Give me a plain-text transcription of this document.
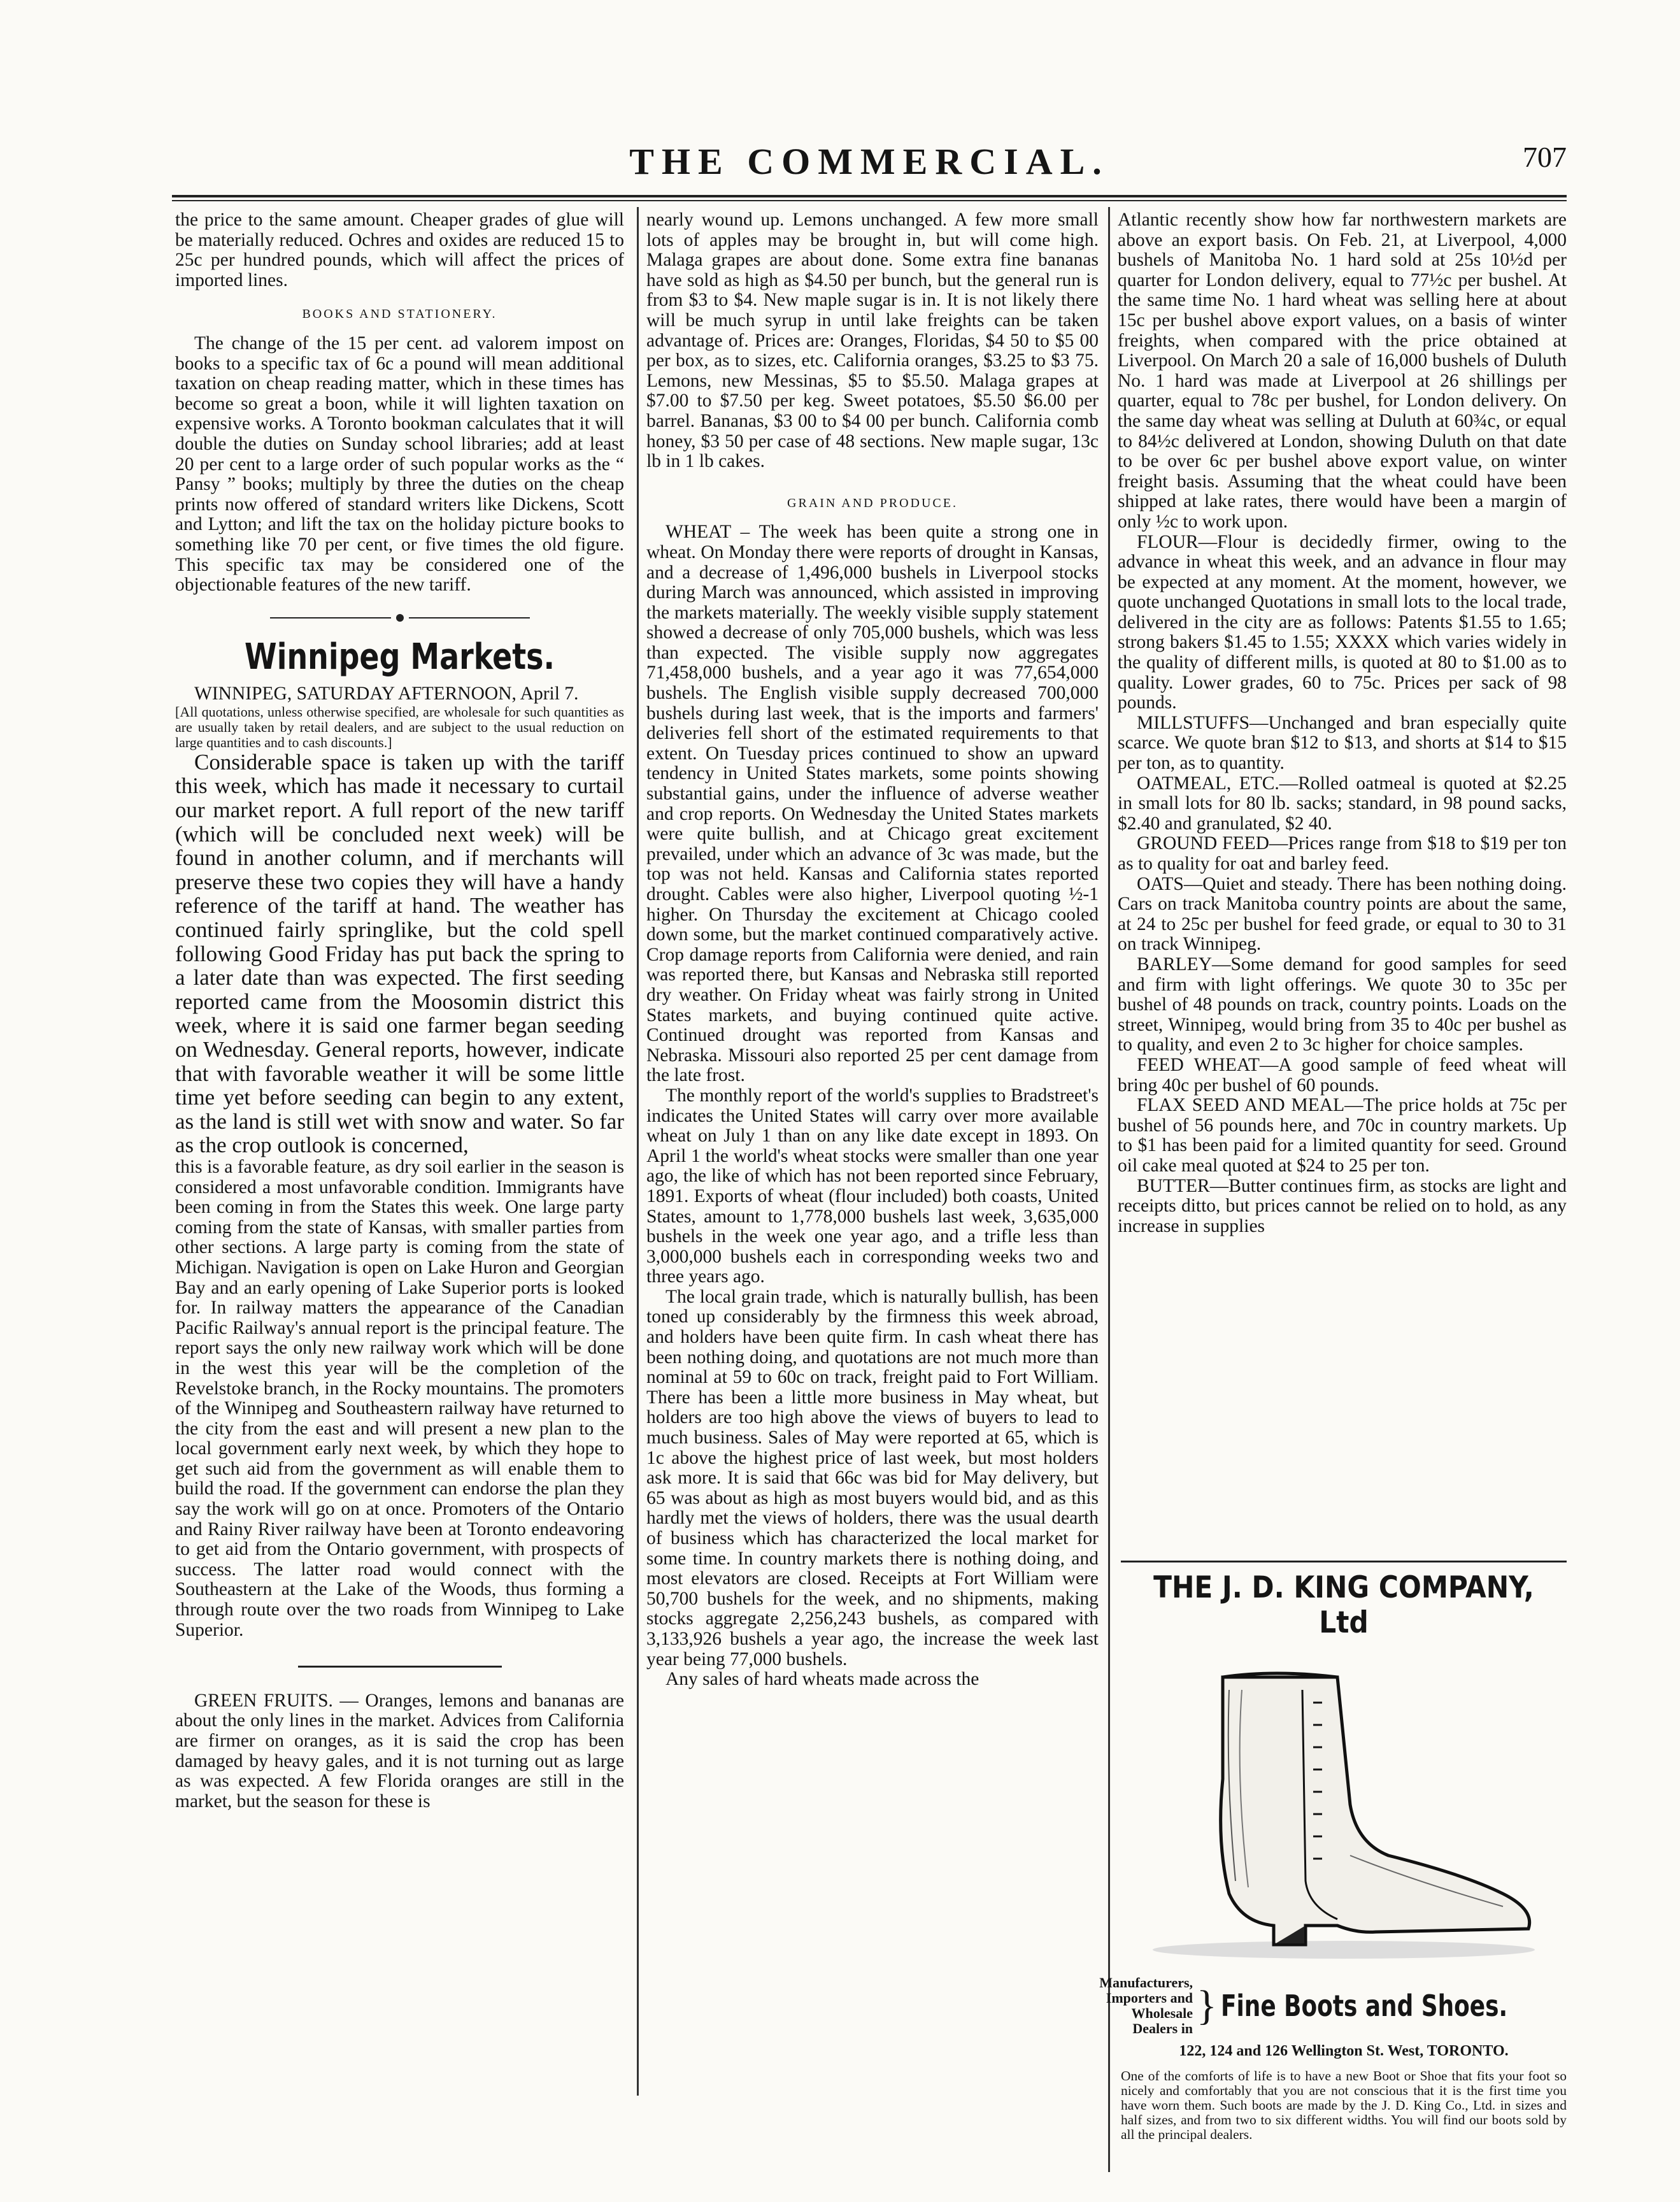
THE COMMERCIAL.	707

the price to the same amount. Cheaper grades of glue will be materially reduced. Ochres and oxides are reduced 15 to 25c per hundred pounds, which will affect the prices of imported lines.

BOOKS AND STATIONERY.

The change of the 15 per cent. ad valorem impost on books to a specific tax of 6c a pound will mean additional taxation on cheap reading matter, which in these times has become so great a boon, while it will lighten taxation on expensive works. A Toronto bookman calculates that it will double the duties on Sunday school libraries; add at least 20 per cent to a large order of such popular works as the “ Pansy ” books; multiply by three the duties on the cheap prints now offered of standard writers like Dickens, Scott and Lytton; and lift the tax on the holiday picture books to something like 70 per cent, or five times the old figure. This specific tax may be considered one of the objectionable features of the new tariff.

Winnipeg Markets.

WINNIPEG, SATURDAY AFTERNOON, April 7.

[All quotations, unless otherwise specified, are wholesale for such quantities as are usually taken by retail dealers, and are subject to the usual reduction on large quantities and to cash discounts.]

Considerable space is taken up with the tariff this week, which has made it necessary to curtail our market report. A full report of the new tariff (which will be concluded next week) will be found in another column, and if merchants will preserve these two copies they will have a handy reference of the tariff at hand. The weather has continued fairly springlike, but the cold spell following Good Friday has put back the spring to a later date than was expected. The first seeding reported came from the Moosomin district this week, where it is said one farmer began seeding on Wednesday. General reports, however, indicate that with favorable weather it will be some little time yet before seeding can begin to any extent, as the land is still wet with snow and water. So far as the crop outlook is concerned,

this is a favorable feature, as dry soil earlier in the season is considered a most unfavorable condition. Immigrants have been coming in from the States this week. One large party coming from the state of Kansas, with smaller parties from other sections. A large party is coming from the state of Michigan. Navigation is open on Lake Huron and Georgian Bay and an early opening of Lake Superior ports is looked for. In railway matters the appearance of the Canadian Pacific Railway's annual report is the principal feature. The report says the only new railway work which will be done in the west this year will be the completion of the Revelstoke branch, in the Rocky mountains. The promoters of the Winnipeg and Southeastern railway have returned to the city from the east and will present a new plan to the local government early next week, by which they hope to get such aid from the government as will enable them to build the road. If the government can endorse the plan they say the work will go on at once. Promoters of the Ontario and Rainy River railway have been at Toronto endeavoring to get aid from the Ontario government, with prospects of success. The latter road would connect with the Southeastern at the Lake of the Woods, thus forming a through route over the two roads from Winnipeg to Lake Superior.

GREEN FRUITS. — Oranges, lemons and bananas are about the only lines in the market. Advices from California are firmer on oranges, as it is said the crop has been damaged by heavy gales, and it is not turning out as large as was expected. A few Florida oranges are still in the market, but the season for these is

nearly wound up. Lemons unchanged. A few more small lots of apples may be brought in, but will come high. Malaga grapes are about done. Some extra fine bananas have sold as high as $4.50 per bunch, but the general run is from $3 to $4. New maple sugar is in. It is not likely there will be much syrup in until lake freights can be taken advantage of. Prices are: Oranges, Floridas, $4 50 to $5 00 per box, as to sizes, etc. California oranges, $3.25 to $3 75. Lemons, new Messinas, $5 to $5.50. Malaga grapes at $7.00 to $7.50 per keg. Sweet potatoes, $5.50 $6.00 per barrel. Bananas, $3 00 to $4 00 per bunch. California comb honey, $3 50 per case of 48 sections. New maple sugar, 13c lb in 1 lb cakes.

GRAIN AND PRODUCE.

WHEAT – The week has been quite a strong one in wheat. On Monday there were reports of drought in Kansas, and a decrease of 1,496,000 bushels in Liverpool stocks during March was announced, which assisted in improving the markets materially. The weekly visible supply statement showed a decrease of only 705,000 bushels, which was less than expected. The visible supply now aggregates 71,458,000 bushels, and a year ago it was 77,654,000 bushels. The English visible supply decreased 700,000 bushels during last week, that is the imports and farmers' deliveries fell short of the estimated requirements to that extent. On Tuesday prices continued to show an upward tendency in United States markets, some points showing substantial gains, under the influence of adverse weather and crop reports. On Wednesday the United States markets were quite bullish, and at Chicago great excitement prevailed, under which an advance of 3c was made, but the top was not held. Kansas and California states reported drought. Cables were also higher, Liverpool quoting ½-1 higher. On Thursday the excitement at Chicago cooled down some, but the market continued comparatively active. Crop damage reports from California were denied, and rain was reported there, but Kansas and Nebraska still reported dry weather. On Friday wheat was fairly strong in United States markets, and buying continued quite active. Continued drought was reported from Kansas and Nebraska. Missouri also reported 25 per cent damage from the late frost.

The monthly report of the world's supplies to Bradstreet's indicates the United States will carry over more available wheat on July 1 than on any like date except in 1893. On April 1 the world's wheat stocks were smaller than one year ago, the like of which has not been reported since February, 1891. Exports of wheat (flour included) both coasts, United States, amount to 1,778,000 bushels last week, 3,635,000 bushels in the week one year ago, and a trifle less than 3,000,000 bushels each in corresponding weeks two and three years ago.

The local grain trade, which is naturally bullish, has been toned up considerably by the firmness this week abroad, and holders have been quite firm. In cash wheat there has been nothing doing, and quotations are not much more than nominal at 59 to 60c on track, freight paid to Fort William. There has been a little more business in May wheat, but holders are too high above the views of buyers to lead to much business. Sales of May were reported at 65, which is 1c above the highest price of last week, but most holders ask more. It is said that 66c was bid for May delivery, but 65 was about as high as most buyers would bid, and as this hardly met the views of holders, there was the usual dearth of business which has characterized the local market for some time. In country markets there is nothing doing, and most elevators are closed. Receipts at Fort William were 50,700 bushels for the week, and no shipments, making stocks aggregate 2,256,243 bushels, as compared with 3,133,926 bushels a year ago, the increase the week last year being 77,000 bushels.

Any sales of hard wheats made across the

Atlantic recently show how far northwestern markets are above an export basis. On Feb. 21, at Liverpool, 4,000 bushels of Manitoba No. 1 hard sold at 25s 10½d per quarter for London delivery, equal to 77½c per bushel. At the same time No. 1 hard wheat was selling here at about 15c per bushel above export values, on a basis of winter freights, when compared with the price obtained at Liverpool. On March 20 a sale of 16,000 bushels of Duluth No. 1 hard was made at Liverpool at 26 shillings per quarter, equal to 78c per bushel, for London delivery. On the same day wheat was selling at Duluth at 60¾c, or equal to 84½c delivered at London, showing Duluth on that date to be over 6c per bushel above export value, on winter freight basis. Assuming that the wheat could have been shipped at lake rates, there would have been a margin of only ½c to work upon.

FLOUR—Flour is decidedly firmer, owing to the advance in wheat this week, and an advance in flour may be expected at any moment. At the moment, however, we quote unchanged Quotations in small lots to the local trade, delivered in the city are as follows: Patents $1.55 to 1.65; strong bakers $1.45 to 1.55; XXXX which varies widely in the quality of different mills, is quoted at 80 to $1.00 as to quality. Lower grades, 60 to 75c. Prices per sack of 98 pounds.

MILLSTUFFS—Unchanged and bran especially quite scarce. We quote bran $12 to $13, and shorts at $14 to $15 per ton, as to quantity.

OATMEAL, ETC.—Rolled oatmeal is quoted at $2.25 in small lots for 80 lb. sacks; standard, in 98 pound sacks, $2.40 and granulated, $2 40.

GROUND FEED—Prices range from $18 to $19 per ton as to quality for oat and barley feed.

OATS—Quiet and steady. There has been nothing doing. Cars on track Manitoba country points are about the same, at 24 to 25c per bushel for feed grade, or equal to 30 to 31 on track Winnipeg.

BARLEY—Some demand for good samples for seed and firm with light offerings. We quote 30 to 35c per bushel of 48 pounds on track, country points. Loads on the street, Winnipeg, would bring from 35 to 40c per bushel as to quality, and even 2 to 3c higher for choice samples.

FEED WHEAT—A good sample of feed wheat will bring 40c per bushel of 60 pounds.

FLAX SEED AND MEAL—The price holds at 75c per bushel of 56 pounds here, and 70c in country markets. Up to $1 has been paid for a limited quantity for seed. Ground oil cake meal quoted at $24 to 25 per ton.

BUTTER—Butter continues firm, as stocks are light and receipts ditto, but prices cannot be relied on to hold, as any increase in supplies

THE J. D. KING COMPANY, Ltd
Manufacturers, Importers and Wholesale Dealers in } Fine Boots and Shoes.
122, 124 and 126 Wellington St. West, TORONTO.
One of the comforts of life is to have a new Boot or Shoe that fits your foot so nicely and comfortably that you are not conscious that it is the first time you have worn them. Such boots are made by the J. D. King Co., Ltd. in sizes and half sizes, and from two to six different widths. You will find our boots sold by all the principal dealers.
